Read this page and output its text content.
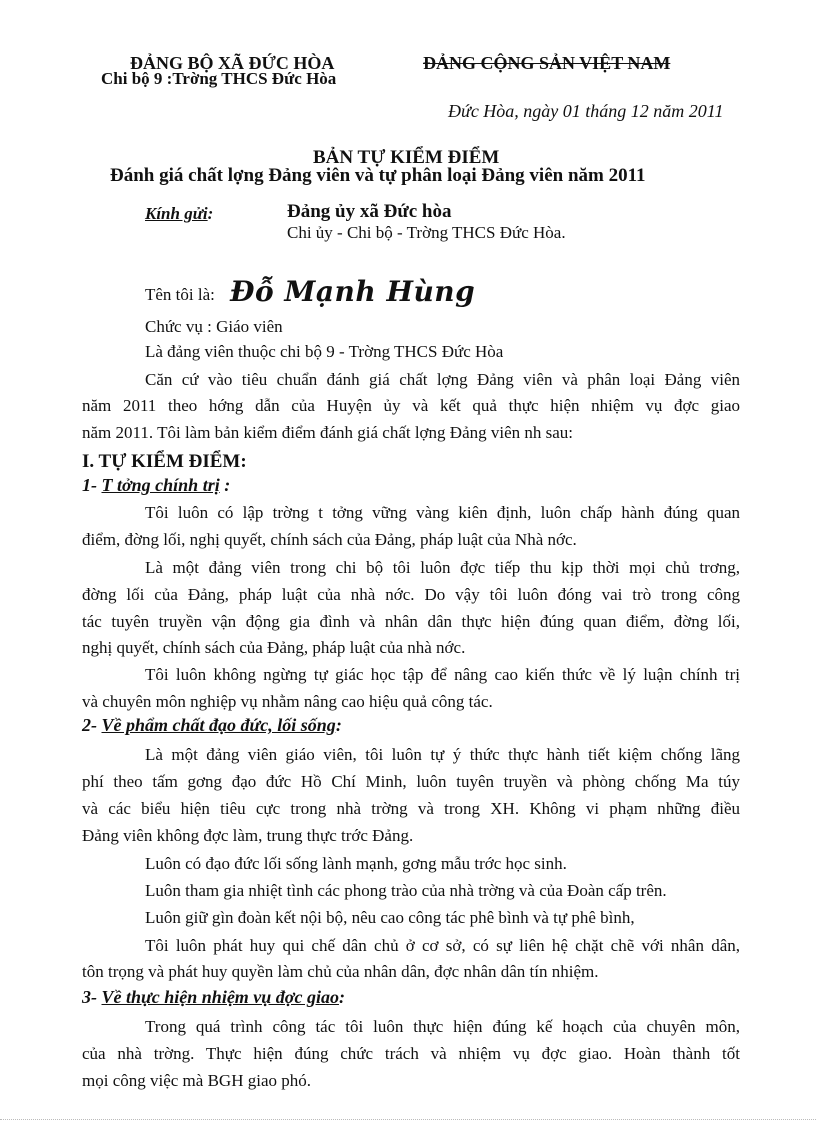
ĐẢNG BỘ XÃ ĐỨC HÒA
Chi bộ 9 :Trờng THCS Đức Hòa
ĐẢNG CỘNG SẢN VIỆT NAM
Đức Hòa, ngày 01 tháng 12 năm 2011
BẢN TỰ KIỂM ĐIỂM
Đánh giá chất lợng Đảng viên và tự phân loại Đảng viên năm 2011
Kính gửi:	Đảng ủy xã Đức hòa
Chi ủy - Chi bộ - Trờng THCS Đức Hòa.
Tên tôi là: Đỗ Mạnh Hùng
Chức vụ : Giáo viên
Là đảng viên thuộc chi bộ 9 - Trờng THCS Đức Hòa
Căn cứ vào tiêu chuẩn đánh giá chất lợng Đảng viên và phân loại Đảng viên
năm 2011 theo hớng dẫn của Huyện ủy và kết quả thực hiện nhiệm vụ đợc giao
năm 2011. Tôi làm bản kiểm điểm đánh giá chất lợng Đảng viên nh sau:
I. TỰ KIỂM ĐIỂM:
1- T tởng chính trị :
Tôi luôn có lập trờng t tởng vững vàng kiên định, luôn chấp hành đúng quan
điểm, đờng lối, nghị quyết, chính sách của Đảng, pháp luật của Nhà nớc.
Là một đảng viên trong chi bộ tôi luôn đợc tiếp thu kịp thời mọi chủ trơng,
đờng lối của Đảng, pháp luật của nhà nớc. Do vậy tôi luôn đóng vai trò trong công
tác tuyên truyền vận động gia đình và nhân dân thực hiện đúng quan điểm, đờng lối,
nghị quyết, chính sách của Đảng, pháp luật của nhà nớc.
Tôi luôn không ngừng tự giác học tập để nâng cao kiến thức về lý luận chính trị
và chuyên môn nghiệp vụ nhằm nâng cao hiệu quả công tác.
2- Về phẩm chất đạo đức, lối sống:
Là một đảng viên giáo viên, tôi luôn tự ý thức thực hành tiết kiệm chống lãng
phí theo tấm gơng đạo đức Hồ Chí Minh, luôn tuyên truyền và phòng chống Ma túy
và các biểu hiện tiêu cực trong nhà trờng và trong XH. Không vi phạm những điều
Đảng viên không đợc làm, trung thực trớc Đảng.
Luôn có đạo đức lối sống lành mạnh, gơng mẫu trớc học sinh.
Luôn tham gia nhiệt tình các phong trào của nhà trờng và của Đoàn cấp trên.
Luôn giữ gìn đoàn kết nội bộ, nêu cao công tác phê bình và tự phê bình,
Tôi luôn phát huy qui chế dân chủ ở cơ sở, có sự liên hệ chặt chẽ với nhân dân,
tôn trọng và phát huy quyền làm chủ của nhân dân, đợc nhân dân tín nhiệm.
3- Về thực hiện nhiệm vụ đợc giao:
Trong quá trình công tác tôi luôn thực hiện đúng kế hoạch của chuyên môn,
của nhà trờng. Thực hiện đúng chức trách và nhiệm vụ đợc giao. Hoàn thành tốt
mọi công việc mà BGH giao phó.
